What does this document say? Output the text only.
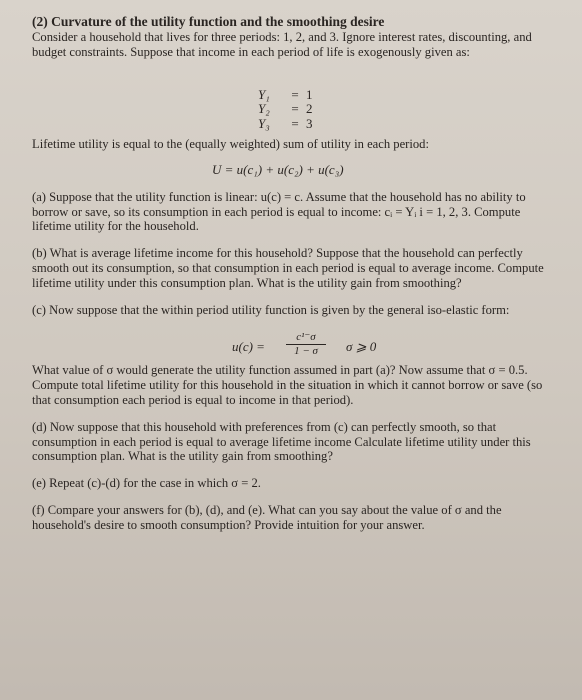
(2) Curvature of the utility function and the smoothing desire

Consider a household that lives for three periods: 1, 2, and 3. Ignore interest rates, discounting, and budget constraints. Suppose that income in each period of life is exogenously given as:

Y₁ = 1
Y₂ = 2
Y₃ = 3

Lifetime utility is equal to the (equally weighted) sum of utility in each period:

U = u(c₁) + u(c₂) + u(c₃)

(a) Suppose that the utility function is linear: u(c) = c. Assume that the household has no ability to borrow or save, so its consumption in each period is equal to income: cᵢ = Yᵢ i = 1, 2, 3. Compute lifetime utility for the household.

(b) What is average lifetime income for this household? Suppose that the household can perfectly smooth out its consumption, so that consumption in each period is equal to average income. Compute lifetime utility under this consumption plan. What is the utility gain from smoothing?

(c) Now suppose that the within period utility function is given by the general iso-elastic form:

$u(c) = \frac{\text{c¹⁻σ}}{1 - \sigma}$ σ ⩾ 0

What value of σ would generate the utility function assumed in part (a)? Now assume that σ = 0.5. Compute total lifetime utility for this household in the situation in which it cannot borrow or save (so that consumption each period is equal to income in that period).

(d) Now suppose that this household with preferences from (c) can perfectly smooth, so that consumption in each period is equal to average lifetime income Calculate lifetime utility under this consumption plan. What is the utility gain from smoothing?

(e) Repeat (c)-(d) for the case in which σ = 2.

(f) Compare your answers for (b), (d), and (e). What can you say about the value of σ and the household's desire to smooth consumption? Provide intuition for your answer.
